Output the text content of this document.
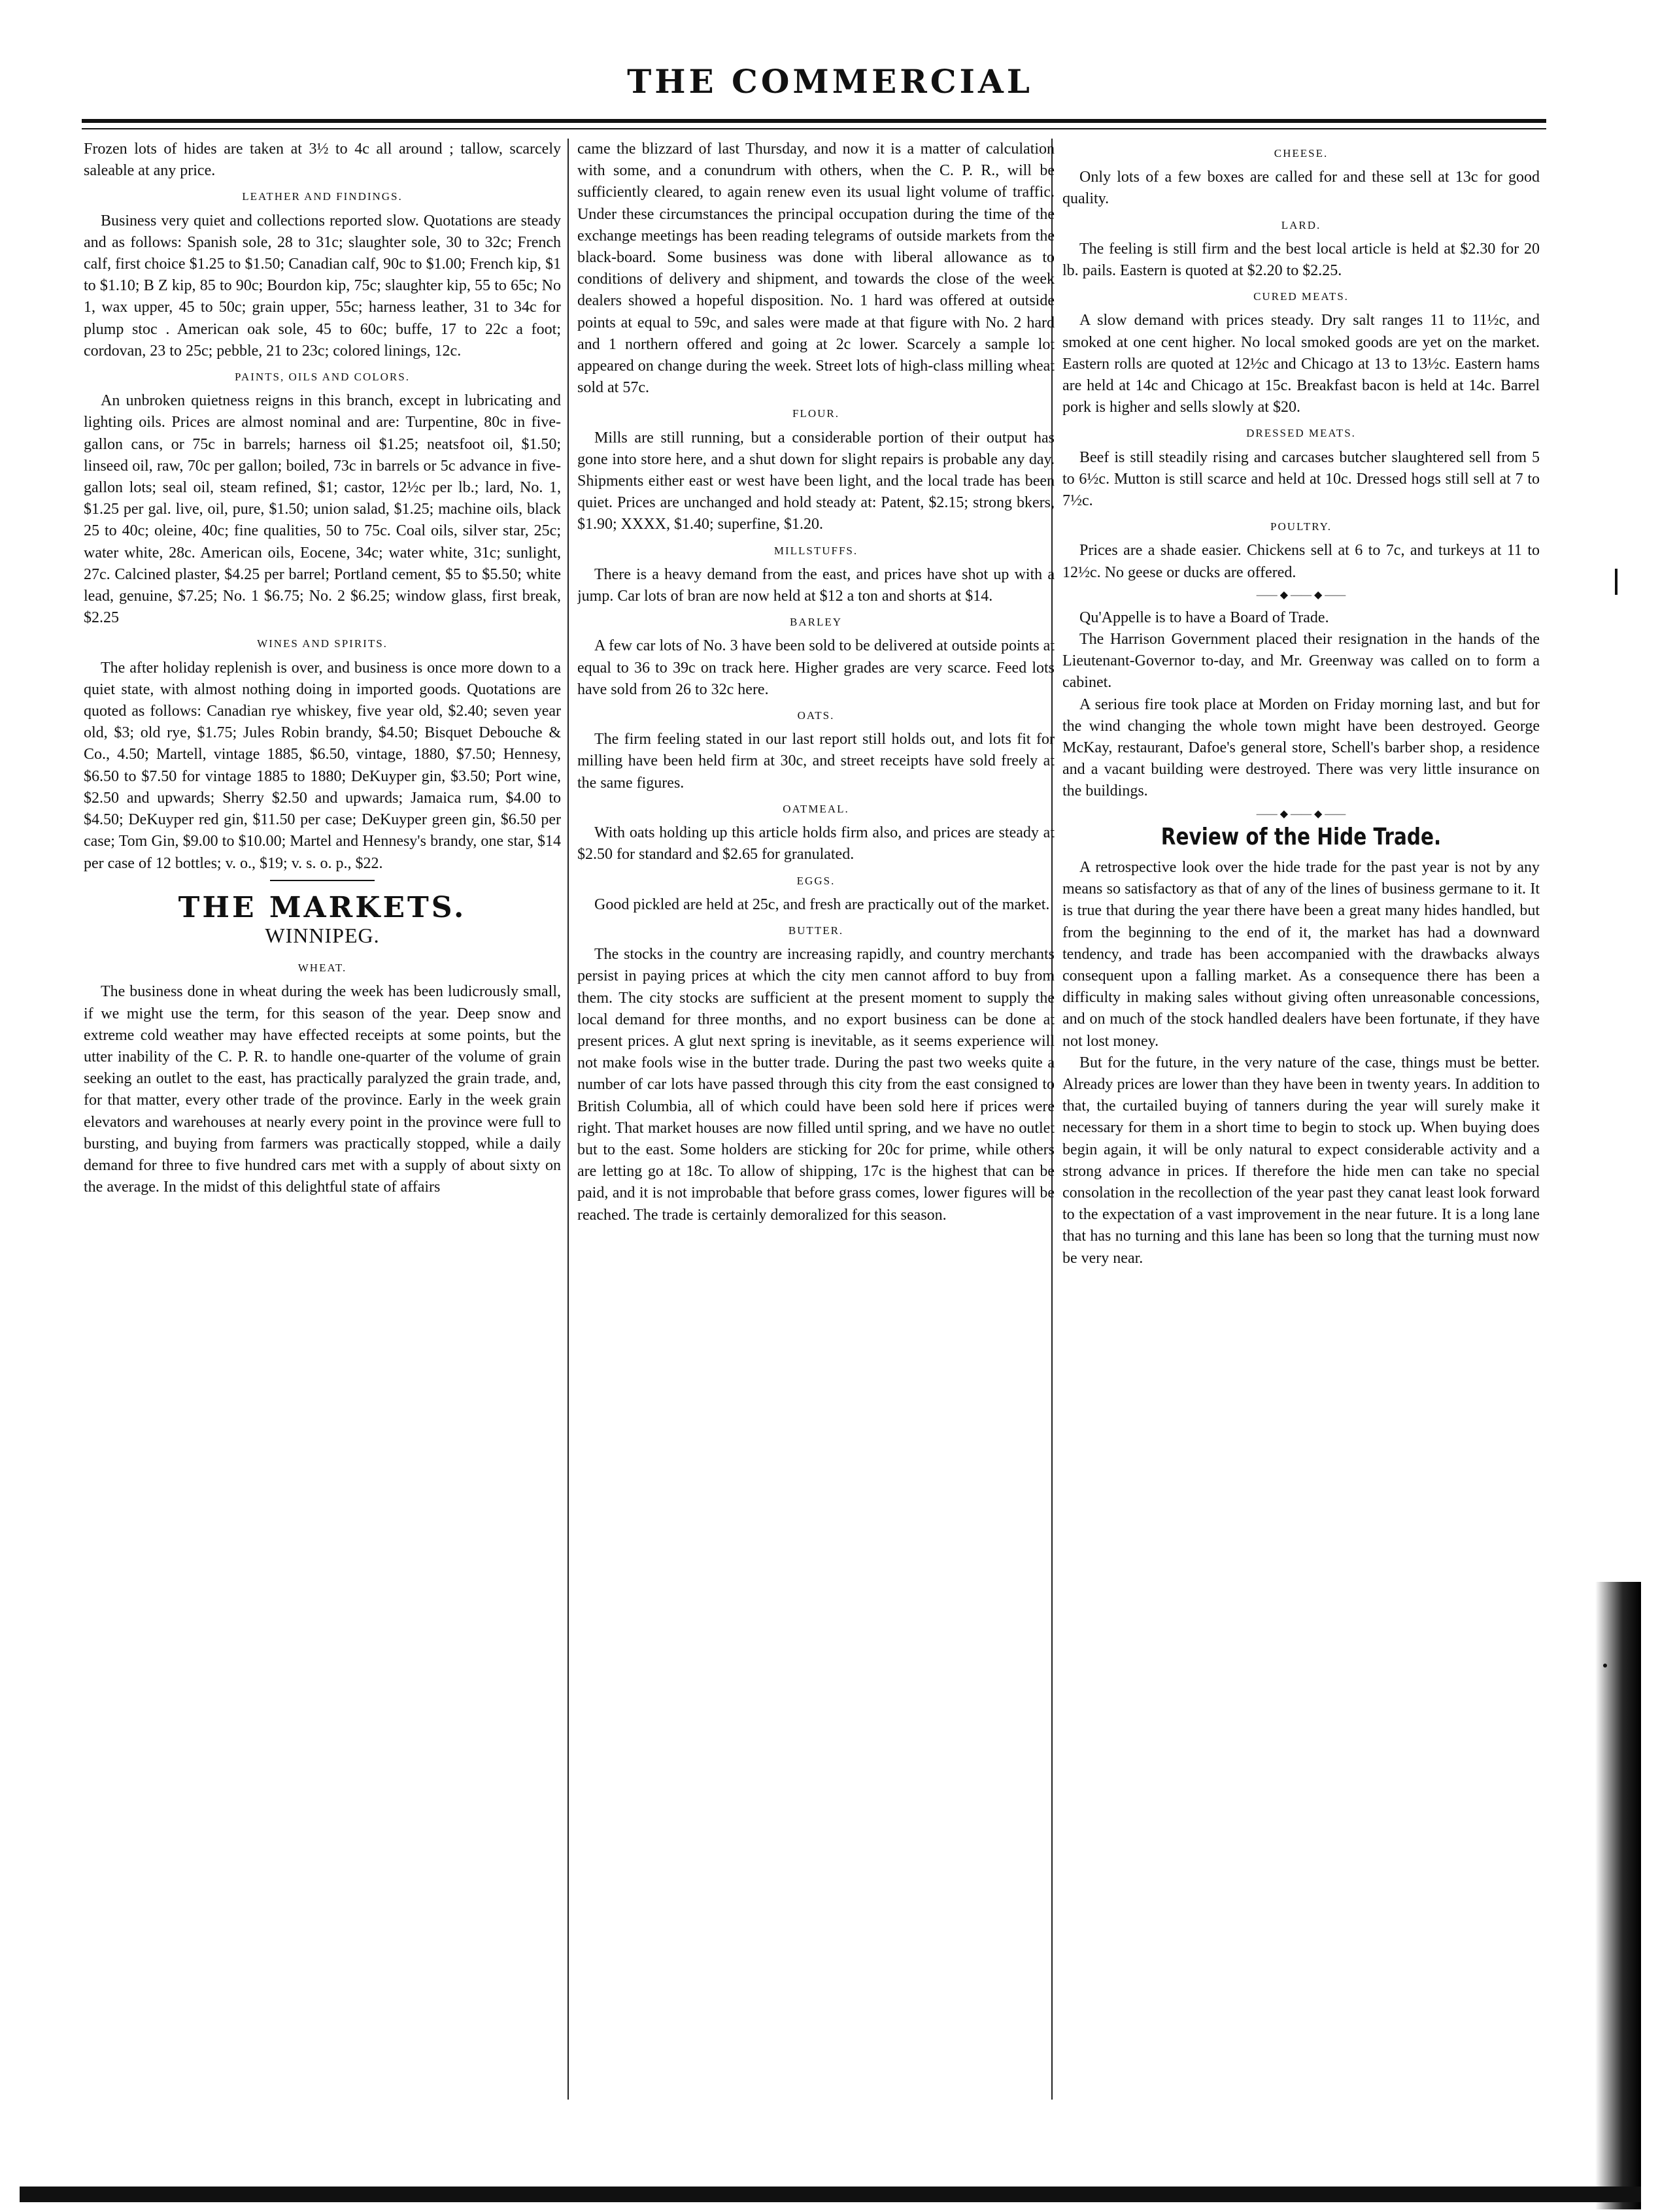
THE COMMERCIAL

Frozen lots of hides are taken at 3½ to 4c all around ; tallow, scarcely saleable at any price.

LEATHER AND FINDINGS.

Business very quiet and collections reported slow. Quotations are steady and as follows: Spanish sole, 28 to 31c; slaughter sole, 30 to 32c; French calf, first choice $1.25 to $1.50; Canadian calf, 90c to $1.00; French kip, $1 to $1.10; B Z kip, 85 to 90c; Bourdon kip, 75c; slaughter kip, 55 to 65c; No 1, wax upper, 45 to 50c; grain upper, 55c; harness leather, 31 to 34c for plump stoc . American oak sole, 45 to 60c; buffe, 17 to 22c a foot; cordovan, 23 to 25c; pebble, 21 to 23c; colored linings, 12c.

PAINTS, OILS AND COLORS.

An unbroken quietness reigns in this branch, except in lubricating and lighting oils. Prices are almost nominal and are: Turpentine, 80c in five-gallon cans, or 75c in barrels; harness oil $1.25; neatsfoot oil, $1.50; linseed oil, raw, 70c per gallon; boiled, 73c in barrels or 5c advance in five-gallon lots; seal oil, steam refined, $1; castor, 12½c per lb.; lard, No. 1, $1.25 per gal. live, oil, pure, $1.50; union salad, $1.25; machine oils, black 25 to 40c; oleine, 40c; fine qualities, 50 to 75c. Coal oils, silver star, 25c; water white, 28c. American oils, Eocene, 34c; water white, 31c; sunlight, 27c. Calcined plaster, $4.25 per barrel; Portland cement, $5 to $5.50; white lead, genuine, $7.25; No. 1 $6.75; No. 2 $6.25; window glass, first break, $2.25

WINES AND SPIRITS.

The after holiday replenish is over, and business is once more down to a quiet state, with almost nothing doing in imported goods. Quotations are quoted as follows: Canadian rye whiskey, five year old, $2.40; seven year old, $3; old rye, $1.75; Jules Robin brandy, $4.50; Bisquet Debouche & Co., 4.50; Martell, vintage 1885, $6.50, vintage, 1880, $7.50; Hennesy, $6.50 to $7.50 for vintage 1885 to 1880; DeKuyper gin, $3.50; Port wine, $2.50 and upwards; Sherry $2.50 and upwards; Jamaica rum, $4.00 to $4.50; DeKuyper red gin, $11.50 per case; DeKuyper green gin, $6.50 per case; Tom Gin, $9.00 to $10.00; Martel and Hennesy's brandy, one star, $14 per case of 12 bottles; v. o., $19; v. s. o. p., $22.

THE MARKETS.
WINNIPEG.
WHEAT.

The business done in wheat during the week has been ludicrously small, if we might use the term, for this season of the year. Deep snow and extreme cold weather may have effected receipts at some points, but the utter inability of the C. P. R. to handle one-quarter of the volume of grain seeking an outlet to the east, has practically paralyzed the grain trade, and, for that matter, every other trade of the province. Early in the week grain elevators and warehouses at nearly every point in the province were full to bursting, and buying from farmers was practically stopped, while a daily demand for three to five hundred cars met with a supply of about sixty on the average. In the midst of this delightful state of affairs

came the blizzard of last Thursday, and now it is a matter of calculation with some, and a conundrum with others, when the C. P. R., will be sufficiently cleared, to again renew even its usual light volume of traffic. Under these circumstances the principal occupation during the time of the exchange meetings has been reading telegrams of outside markets from the black-board. Some business was done with liberal allowance as to conditions of delivery and shipment, and towards the close of the week dealers showed a hopeful disposition. No. 1 hard was offered at outside points at equal to 59c, and sales were made at that figure with No. 2 hard and 1 northern offered and going at 2c lower. Scarcely a sample lot appeared on change during the week. Street lots of high-class milling wheat sold at 57c.

FLOUR.

Mills are still running, but a considerable portion of their output has gone into store here, and a shut down for slight repairs is probable any day. Shipments either east or west have been light, and the local trade has been quiet. Prices are unchanged and hold steady at: Patent, $2.15; strong bkers, $1.90; XXXX, $1.40; superfine, $1.20.

MILLSTUFFS.

There is a heavy demand from the east, and prices have shot up with a jump. Car lots of bran are now held at $12 a ton and shorts at $14.

BARLEY

A few car lots of No. 3 have been sold to be delivered at outside points at equal to 36 to 39c on track here. Higher grades are very scarce. Feed lots have sold from 26 to 32c here.

OATS.

The firm feeling stated in our last report still holds out, and lots fit for milling have been held firm at 30c, and street receipts have sold freely at the same figures.

OATMEAL.

With oats holding up this article holds firm also, and prices are steady at $2.50 for standard and $2.65 for granulated.

EGGS.

Good pickled are held at 25c, and fresh are practically out of the market.

BUTTER.

The stocks in the country are increasing rapidly, and country merchants persist in paying prices at which the city men cannot afford to buy from them. The city stocks are sufficient at the present moment to supply the local demand for three months, and no export business can be done at present prices. A glut next spring is inevitable, as it seems experience will not make fools wise in the butter trade. During the past two weeks quite a number of car lots have passed through this city from the east consigned to British Columbia, all of which could have been sold here if prices were right. That market houses are now filled until spring, and we have no outlet but to the east. Some holders are sticking for 20c for prime, while others are letting go at 18c. To allow of shipping, 17c is the highest that can be paid, and it is not improbable that before grass comes, lower figures will be reached. The trade is certainly demoralized for this season.

CHEESE.

Only lots of a few boxes are called for and these sell at 13c for good quality.

LARD.

The feeling is still firm and the best local article is held at $2.30 for 20 lb. pails. Eastern is quoted at $2.20 to $2.25.

CURED MEATS.

A slow demand with prices steady. Dry salt ranges 11 to 11½c, and smoked at one cent higher. No local smoked goods are yet on the market. Eastern rolls are quoted at 12½c and Chicago at 13 to 13½c. Eastern hams are held at 14c and Chicago at 15c. Breakfast bacon is held at 14c. Barrel pork is higher and sells slowly at $20.

DRESSED MEATS.

Beef is still steadily rising and carcases butcher slaughtered sell from 5 to 6½c. Mutton is still scarce and held at 10c. Dressed hogs still sell at 7 to 7½c.

POULTRY.

Prices are a shade easier. Chickens sell at 6 to 7c, and turkeys at 11 to 12½c. No geese or ducks are offered.

—— ◆ —— ◆ ——

Qu'Appelle is to have a Board of Trade.

The Harrison Government placed their resignation in the hands of the Lieutenant-Governor to-day, and Mr. Greenway was called on to form a cabinet.

A serious fire took place at Morden on Friday morning last, and but for the wind changing the whole town might have been destroyed. George McKay, restaurant, Dafoe's general store, Schell's barber shop, a residence and a vacant building were destroyed. There was very little insurance on the buildings.

—— ◆ —— ◆ ——
Review of the Hide Trade.

A retrospective look over the hide trade for the past year is not by any means so satisfactory as that of any of the lines of business germane to it. It is true that during the year there have been a great many hides handled, but from the beginning to the end of it, the market has had a downward tendency, and trade has been accompanied with the drawbacks always consequent upon a falling market. As a consequence there has been a difficulty in making sales without giving often unreasonable concessions, and on much of the stock handled dealers have been fortunate, if they have not lost money.

But for the future, in the very nature of the case, things must be better. Already prices are lower than they have been in twenty years. In addition to that, the curtailed buying of tanners during the year will surely make it necessary for them in a short time to begin to stock up. When buying does begin again, it will be only natural to expect considerable activity and a strong advance in prices. If therefore the hide men can take no special consolation in the recollection of the year past they canat least look forward to the expectation of a vast improvement in the near future. It is a long lane that has no turning and this lane has been so long that the turning must now be very near.
